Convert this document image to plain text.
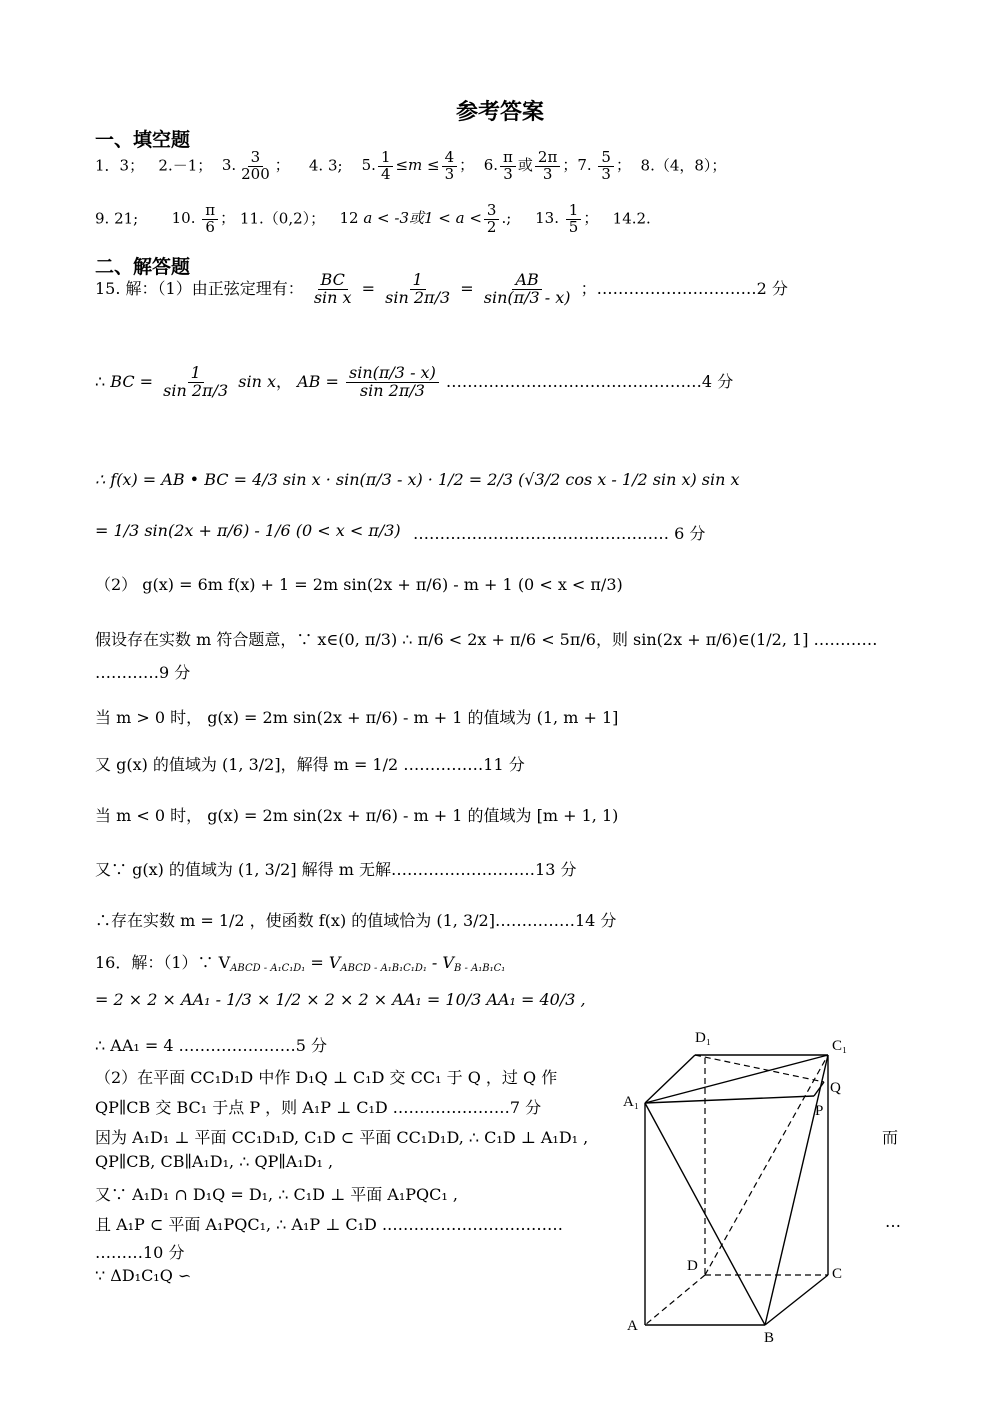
参考答案
一、填空题
1．3； 2.－1； 3. $\frac{3}{200}$ ； 4. 3; 5. $\frac{1}{4} \le m \le \frac{4}{3}$ ； 6. $\frac{\pi}{3}$ 或 $\frac{2\pi}{3}$ ；7. $\frac{5}{3}$ ； 8.（4，8）；
9. 21; 10. $\frac{\pi}{6}$ ； 11.（0,2）； 12 a < -3或$1 < a < \frac{3}{2}$ .; 13. $\frac{1}{5}$ ； 14.2.
二、解答题
15. 解：（1）由正弦定理有： $\frac{BC}{\text{sin x}} = \frac{1}{\sin 2\pi/3} = \frac{AB}{\sin(\pi/3 - x)}$ ；…………………………2 分
∴ BC = $\frac{1}{\sin 2\pi/3}$ sin x， AB = $\frac{\sin(\pi/3 - x)}{\sin 2\pi/3}$ …………………………………………4 分
∴ f(x) = AB • BC = 4/3 sin x · sin(π/3 - x) · 1/2 = 2/3 (√3/2 cos x - 1/2 sin x) sin x
= 1/3 sin(2x + π/6) - 1/6 (0 < x < π/3) ………………………………………… 6 分
（2） g(x) = 6m f(x) + 1 = 2m sin(2x + π/6) - m + 1 (0 < x < π/3)
假设存在实数 m 符合题意，∵ x∈(0, π/3) ∴ π/6 < 2x + π/6 < 5π/6，则 sin(2x + π/6)∈(1/2, 1] …………
…………9 分
当 m > 0 时， g(x) = 2m sin(2x + π/6) - m + 1 的值域为 (1, m + 1]
又 g(x) 的值域为 (1, 3/2]，解得 m = 1/2 ……………11 分
当 m < 0 时， g(x) = 2m sin(2x + π/6) - m + 1 的值域为 [m + 1, 1)
又∵ g(x) 的值域为 (1, 3/2] 解得 m 无解………………………13 分
∴存在实数 m = 1/2 ，使函数 f(x) 的值域恰为 (1, 3/2]……………14 分
16．解：（1）∵ $V_{ABCD - A_1C_1D_1} = V_{ABCD - A_1B_1C_1D_1} - V_{B - A_1B_1C_1}$
= 2 × 2 × AA₁ - 1/3 × 1/2 × 2 × 2 × AA₁ = 10/3 AA₁ = 40/3 ,
∴ AA₁ = 4 .…………………5 分
（2）在平面 CC₁D₁D 中作 D₁Q ⊥ C₁D 交 CC₁ 于 Q ，过 Q 作
QP∥CB 交 BC₁ 于点 P ，则 A₁P ⊥ C₁D .…………………7 分
因为 A₁D₁ ⊥ 平面 CC₁D₁D, C₁D ⊂ 平面 CC₁D₁D, ∴ C₁D ⊥ A₁D₁ ,	而
QP∥CB, CB∥A₁D₁, ∴ QP∥A₁D₁ ,
又∵ A₁D₁ ∩ D₁Q = D₁, ∴ C₁D ⊥ 平面 A₁PQC₁ ,
且 A₁P ⊂ 平面 A₁PQC₁, ∴ A₁P ⊥ C₁D .……………………………	…
………10 分
∵ ΔD₁C₁Q ∽
D₁	C₁
Q
P
A₁
D	C
A
B
